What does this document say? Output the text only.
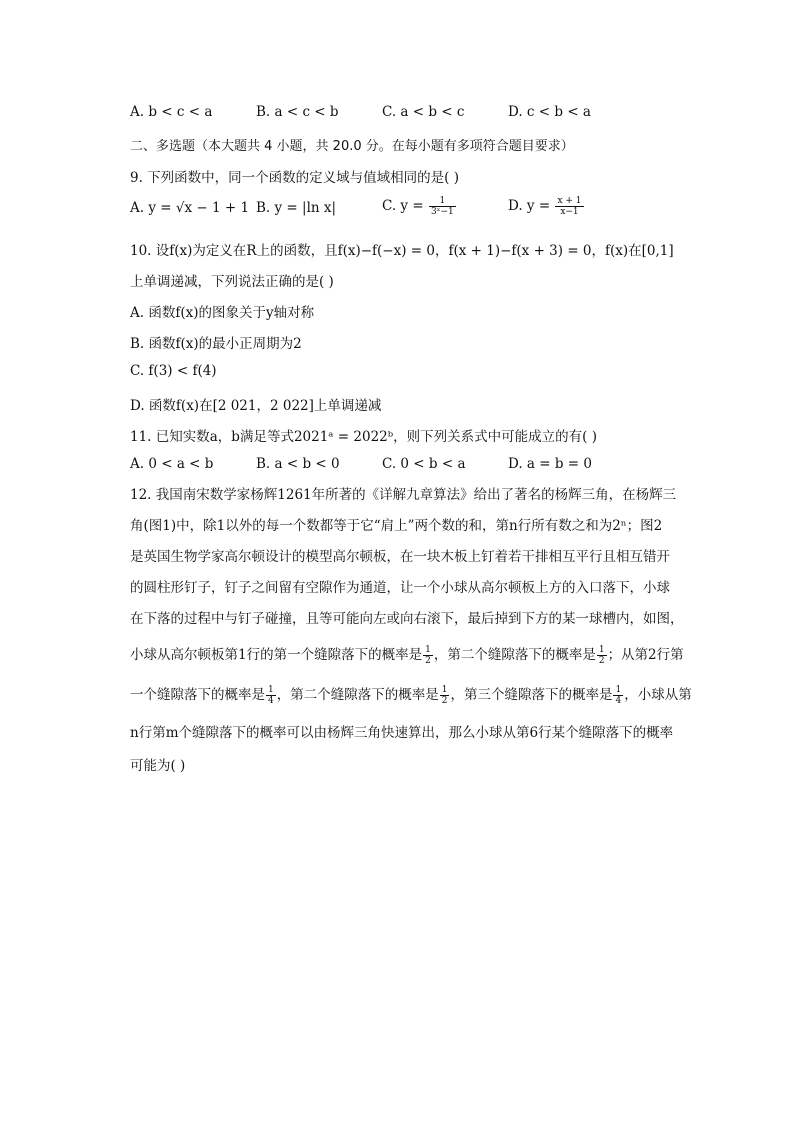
A. b < c < a	B. a < c < b	C. a < b < c	D. c < b < a
二、多选题（本大题共 4 小题，共 20.0 分。在每小题有多项符合题目要求）
9. 下列函数中，同一个函数的定义域与值域相同的是( )
A. y = √x − 1 + 1 B. y = |ln x|	C. $y = \frac{1}{\text{3ˣ−1}}$	D. $y = \frac{x + 1}{x-1}$
10. 设f(x)为定义在R上的函数，且f(x)−f(−x) = 0，f(x + 1)−f(x + 3) = 0，f(x)在[0,1]
上单调递减，下列说法正确的是( )
A. 函数f(x)的图象关于y轴对称
B. 函数f(x)的最小正周期为2
C. f(3) < f(4)
D. 函数f(x)在[2 021，2 022]上单调递减
11. 已知实数a，b满足等式2021ᵃ = 2022ᵇ，则下列关系式中可能成立的有( )
A. 0 < a < b	B. a < b < 0	C. 0 < b < a	D. a = b = 0
12. 我国南宋数学家杨辉1261年所著的《详解九章算法》给出了著名的杨辉三角，在杨辉三
角(图1)中，除1以外的每一个数都等于它“肩上”两个数的和，第n行所有数之和为2ⁿ；图2
是英国生物学家高尔顿设计的模型高尔顿板，在一块木板上钉着若干排相互平行且相互错开
的圆柱形钉子，钉子之间留有空隙作为通道，让一个小球从高尔顿板上方的入口落下，小球
在下落的过程中与钉子碰撞，且等可能向左或向右滚下，最后掉到下方的某一球槽内，如图，
小球从高尔顿板第1行的第一个缝隙落下的概率是 $\frac{1}{2}$ ，第二个缝隙落下的概率是 $\frac{1}{2}$ ；从第2行第
一个缝隙落下的概率是 $\frac{1}{4}$ ，第二个缝隙落下的概率是 $\frac{1}{2}$ ，第三个缝隙落下的概率是 $\frac{1}{4}$ ，小球从第
n行第m个缝隙落下的概率可以由杨辉三角快速算出，那么小球从第6行某个缝隙落下的概率
可能为( )
